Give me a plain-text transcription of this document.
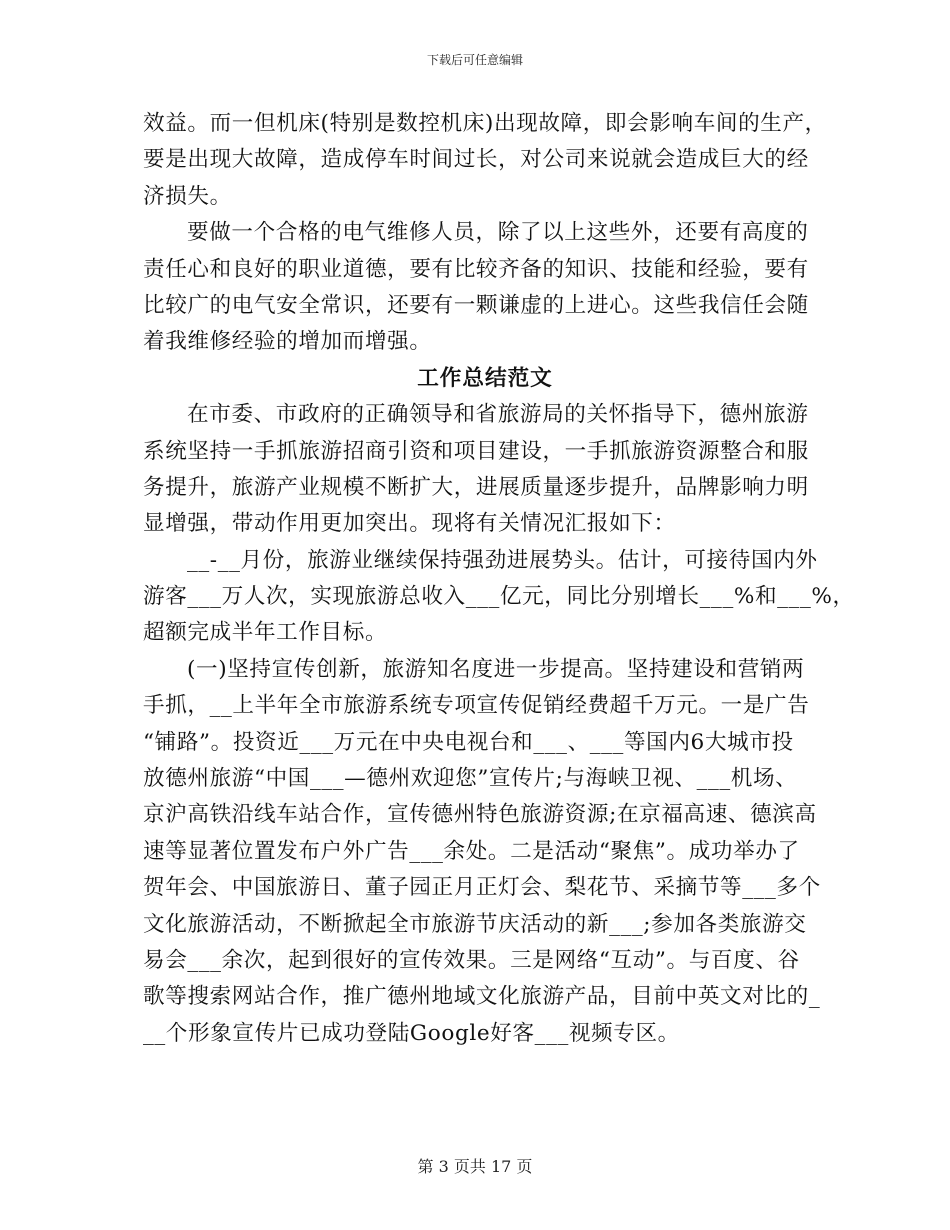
下载后可任意编辑
效益。而一但机床(特别是数控机床)出现故障，即会影响车间的生产，
要是出现大故障，造成停车时间过长，对公司来说就会造成巨大的经
济损失。
要做一个合格的电气维修人员，除了以上这些外，还要有高度的
责任心和良好的职业道德，要有比较齐备的知识、技能和经验，要有
比较广的电气安全常识，还要有一颗谦虚的上进心。这些我信任会随
着我维修经验的增加而增强。
工作总结范文
在市委、市政府的正确领导和省旅游局的关怀指导下，德州旅游
系统坚持一手抓旅游招商引资和项目建设，一手抓旅游资源整合和服
务提升，旅游产业规模不断扩大，进展质量逐步提升，品牌影响力明
显增强，带动作用更加突出。现将有关情况汇报如下：
__-__月份，旅游业继续保持强劲进展势头。估计，可接待国内外
游客___万人次，实现旅游总收入___亿元，同比分别增长___%和___%，
超额完成半年工作目标。
(一)坚持宣传创新，旅游知名度进一步提高。坚持建设和营销两
手抓，__上半年全市旅游系统专项宣传促销经费超千万元。一是广告
“铺路”。投资近___万元在中央电视台和___、___等国内6大城市投
放德州旅游“中国___—德州欢迎您”宣传片;与海峡卫视、___机场、
京沪高铁沿线车站合作，宣传德州特色旅游资源;在京福高速、德滨高
速等显著位置发布户外广告___余处。二是活动“聚焦”。成功举办了
贺年会、中国旅游日、董子园正月正灯会、梨花节、采摘节等___多个
文化旅游活动，不断掀起全市旅游节庆活动的新___;参加各类旅游交
易会___余次，起到很好的宣传效果。三是网络“互动”。与百度、谷
歌等搜索网站合作，推广德州地域文化旅游产品，目前中英文对比的_
__个形象宣传片已成功登陆Google好客___视频专区。
第 3 页共 17 页
